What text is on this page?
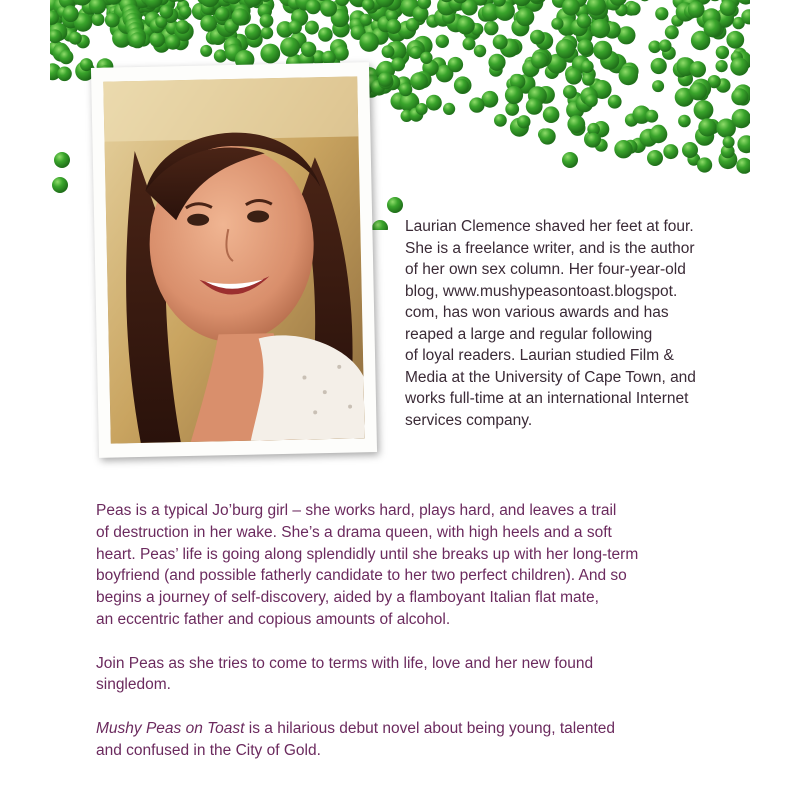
Laurian Clemence shaved her feet at four.
She is a freelance writer, and is the author
of her own sex column. Her four-year-old
blog, www.mushypeasontoast.blogspot.
com, has won various awards and has
reaped a large and regular following
of loyal readers. Laurian studied Film &
Media at the University of Cape Town, and
works full-time at an international Internet
services company.

Peas is a typical Jo’burg girl – she works hard, plays hard, and leaves a trail
of destruction in her wake. She’s a drama queen, with high heels and a soft
heart. Peas’ life is going along splendidly until she breaks up with her long-term
boyfriend (and possible fatherly candidate to her two perfect children). And so
begins a journey of self-discovery, aided by a flamboyant Italian flat mate,
an eccentric father and copious amounts of alcohol.

Join Peas as she tries to come to terms with life, love and her new found
singledom.

Mushy Peas on Toast is a hilarious debut novel about being young, talented
and confused in the City of Gold.
